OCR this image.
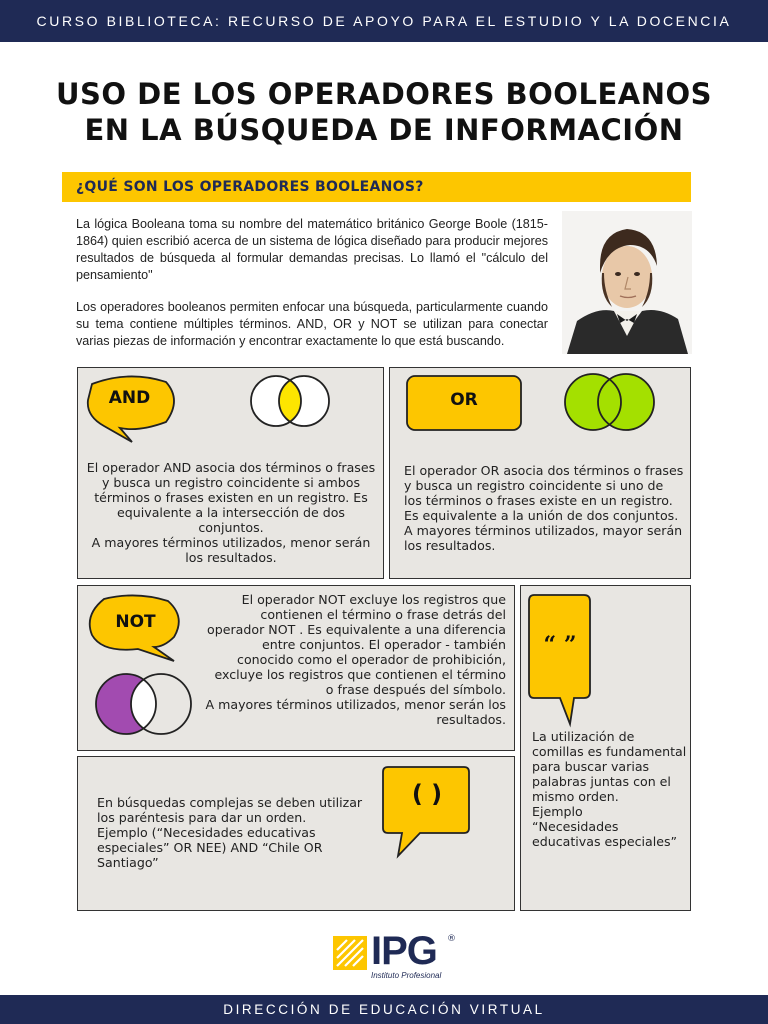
CURSO BIBLIOTECA: RECURSO DE APOYO PARA EL ESTUDIO Y LA DOCENCIA
USO DE LOS OPERADORES BOOLEANOS
EN LA BÚSQUEDA DE INFORMACIÓN
¿QUÉ SON LOS OPERADORES BOOLEANOS?
La lógica Booleana toma su nombre del matemático británico George Boole (1815-1864) quien escribió acerca de un sistema de lógica diseñado para producir mejores resultados de búsqueda al formular demandas precisas. Lo llamó el "cálculo del pensamiento"
Los operadores booleanos permiten enfocar una búsqueda, particularmente cuando su tema contiene múltiples términos. AND, OR y NOT se utilizan para conectar varias piezas de información y encontrar exactamente lo que está buscando.
AND
El operador AND asocia dos términos o frases y busca un registro coincidente si ambos términos o frases existen en un registro. Es equivalente a la intersección de dos conjuntos.
A mayores términos utilizados, menor serán los resultados.
OR
El operador OR asocia dos términos o frases y busca un registro coincidente si uno de los términos o frases existe en un registro. Es equivalente a la unión de dos conjuntos.
A mayores términos utilizados, mayor serán los resultados.
NOT
El operador NOT excluye los registros que contienen el término o frase detrás del operador NOT . Es equivalente a una diferencia entre conjuntos. El operador - también conocido como el operador de prohibición, excluye los registros que contienen el término o frase después del símbolo.
A mayores términos utilizados, menor serán los resultados.
“ ”
La utilización de comillas es fundamental para buscar varias palabras juntas con el mismo orden.
Ejemplo
“Necesidades educativas especiales”
( )
En búsquedas complejas se deben utilizar los paréntesis para dar un orden.
Ejemplo (“Necesidades educativas especiales” OR NEE) AND “Chile OR Santiago”
IPG ®
Instituto Profesional
DIRECCIÓN DE EDUCACIÓN VIRTUAL
